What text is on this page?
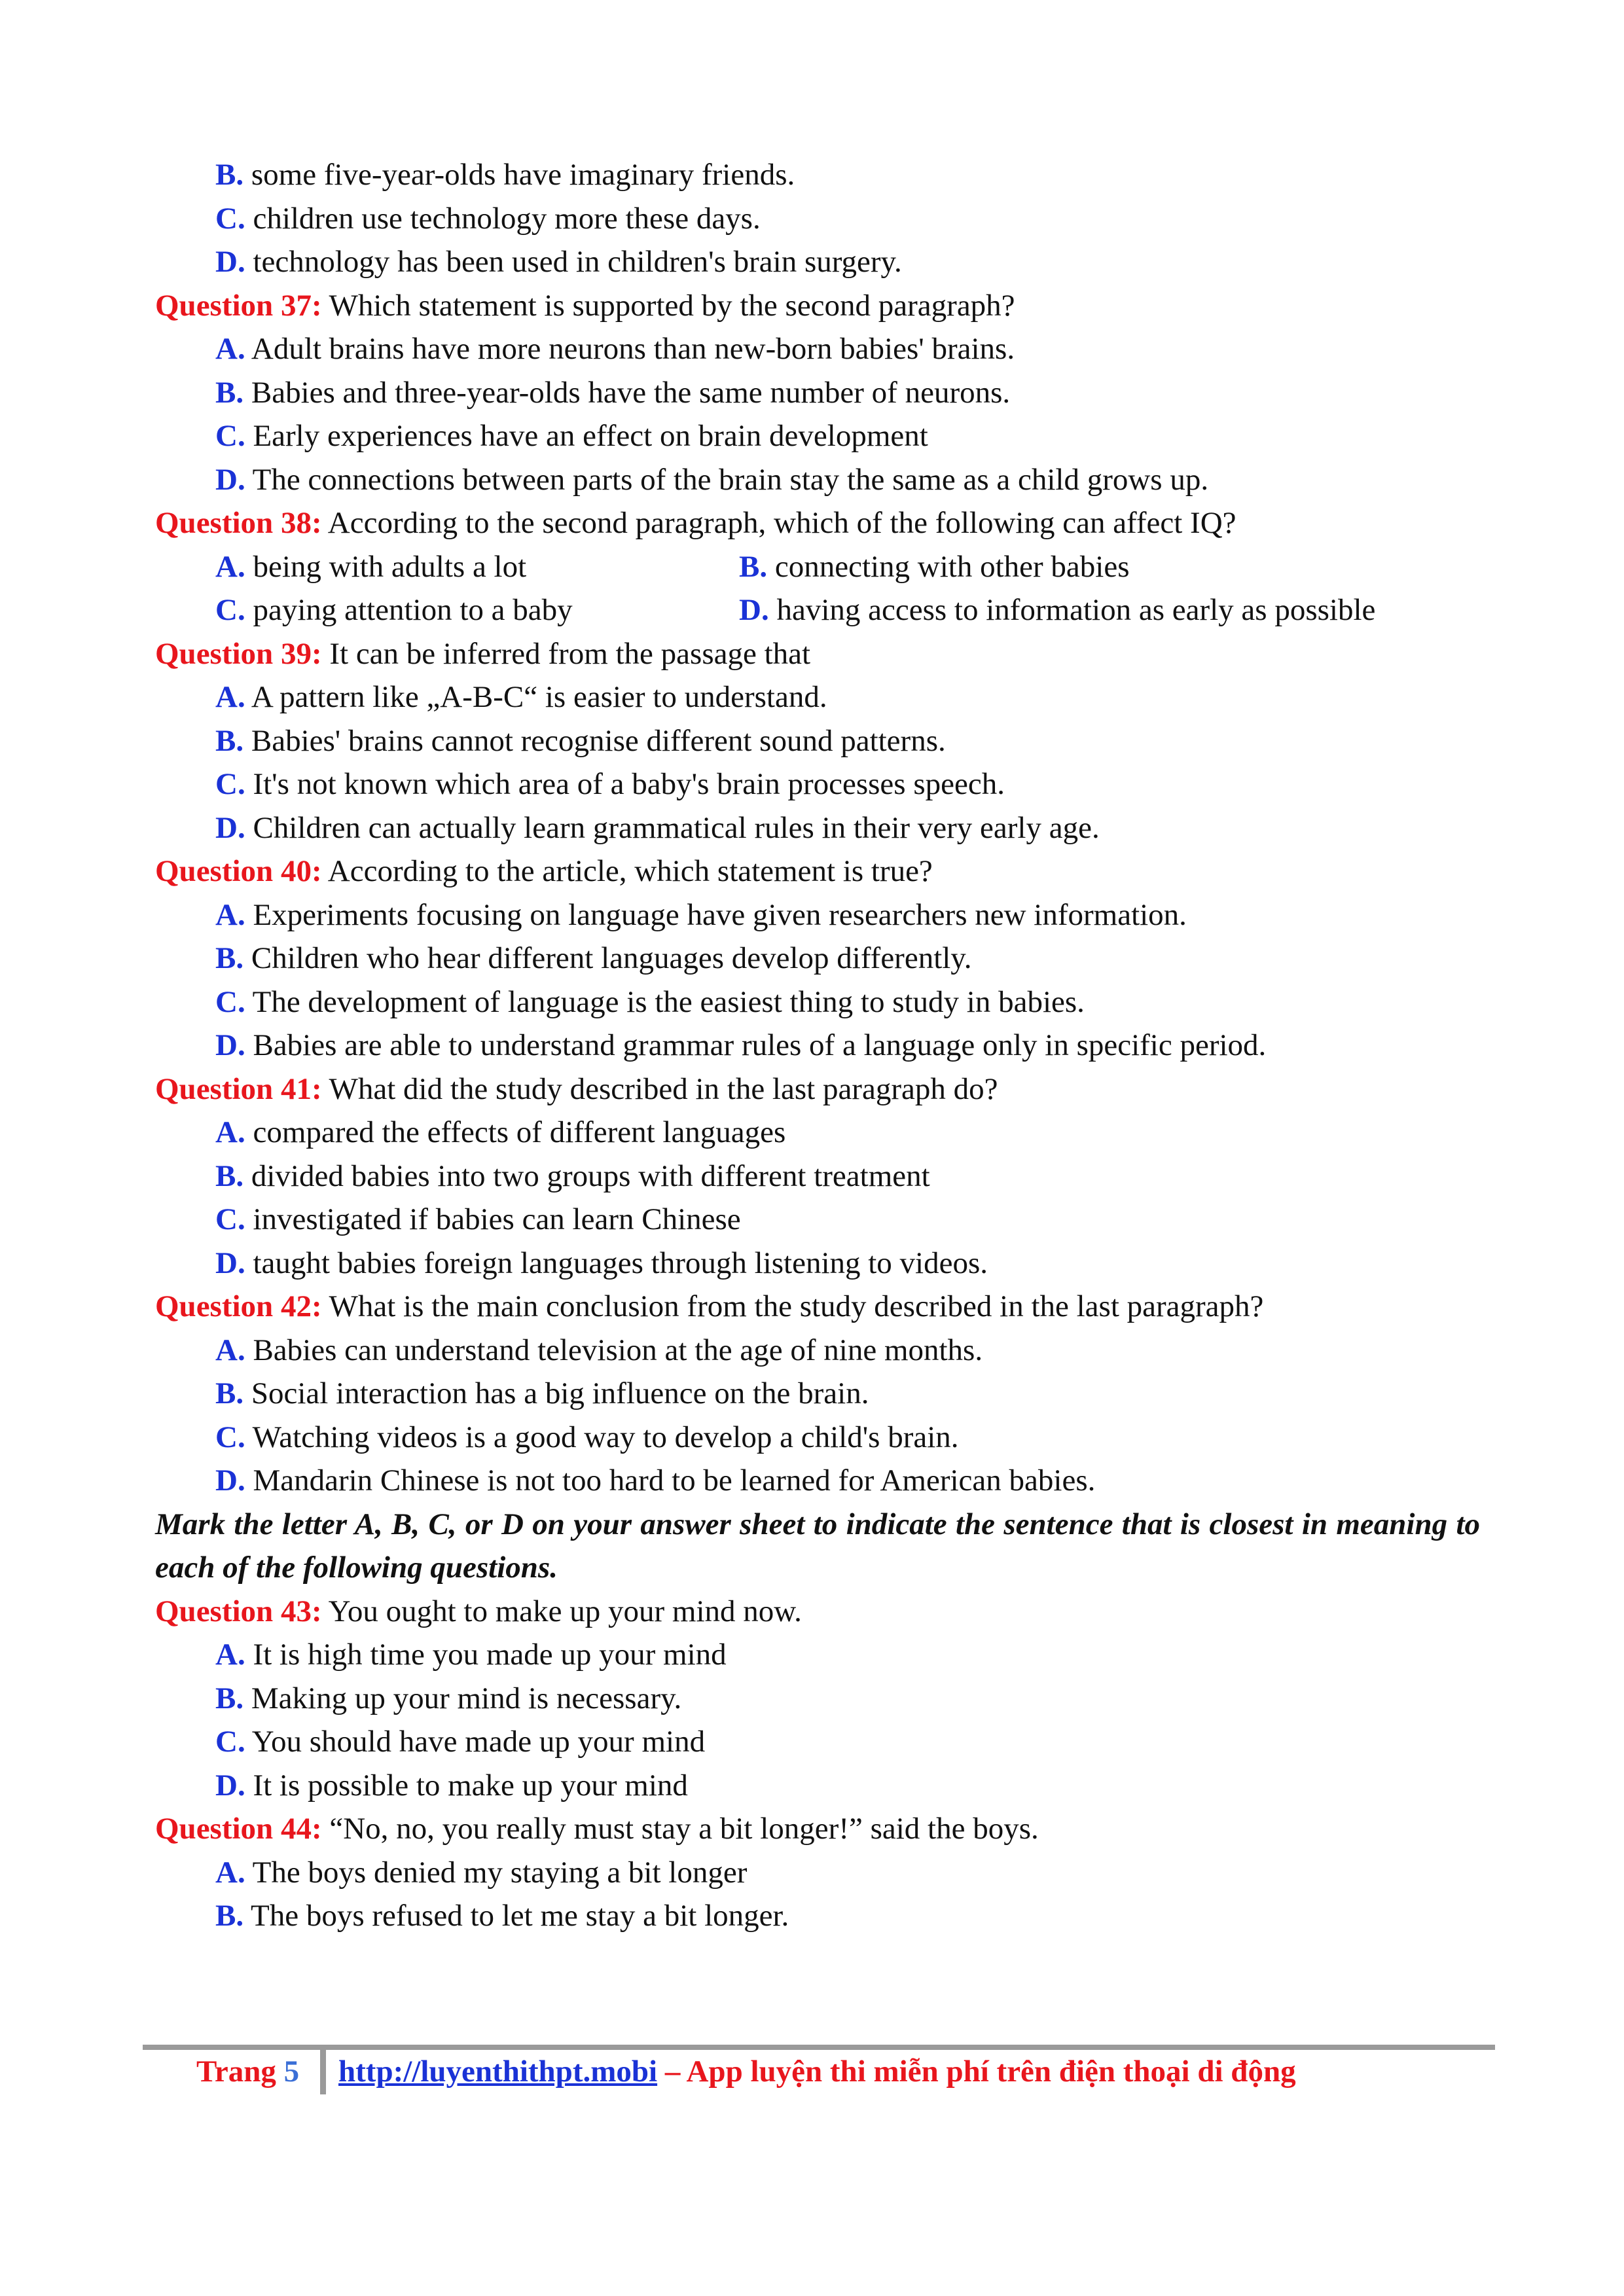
B. some five-year-olds have imaginary friends.
C. children use technology more these days.
D. technology has been used in children's brain surgery.
Question 37: Which statement is supported by the second paragraph?
A. Adult brains have more neurons than new-born babies' brains.
B. Babies and three-year-olds have the same number of neurons.
C. Early experiences have an effect on brain development
D. The connections between parts of the brain stay the same as a child grows up.
Question 38: According to the second paragraph, which of the following can affect IQ?
A. being with adults a lot	B. connecting with other babies
C. paying attention to a baby	D. having access to information as early as possible
Question 39: It can be inferred from the passage that
A. A pattern like „A-B-C“ is easier to understand.
B. Babies' brains cannot recognise different sound patterns.
C. It's not known which area of a baby's brain processes speech.
D. Children can actually learn grammatical rules in their very early age.
Question 40: According to the article, which statement is true?
A. Experiments focusing on language have given researchers new information.
B. Children who hear different languages develop differently.
C. The development of language is the easiest thing to study in babies.
D. Babies are able to understand grammar rules of a language only in specific period.
Question 41: What did the study described in the last paragraph do?
A. compared the effects of different languages
B. divided babies into two groups with different treatment
C. investigated if babies can learn Chinese
D. taught babies foreign languages through listening to videos.
Question 42: What is the main conclusion from the study described in the last paragraph?
A. Babies can understand television at the age of nine months.
B. Social interaction has a big influence on the brain.
C. Watching videos is a good way to develop a child's brain.
D. Mandarin Chinese is not too hard to be learned for American babies.
Mark the letter A, B, C, or D on your answer sheet to indicate the sentence that is closest in meaning to each of the following questions.
Question 43: You ought to make up your mind now.
A. It is high time you made up your mind
B. Making up your mind is necessary.
C. You should have made up your mind
D. It is possible to make up your mind
Question 44: “No, no, you really must stay a bit longer!” said the boys.
A. The boys denied my staying a bit longer
B. The boys refused to let me stay a bit longer.
Trang 5 http://luyenthithpt.mobi – App luyện thi miễn phí trên điện thoại di động
